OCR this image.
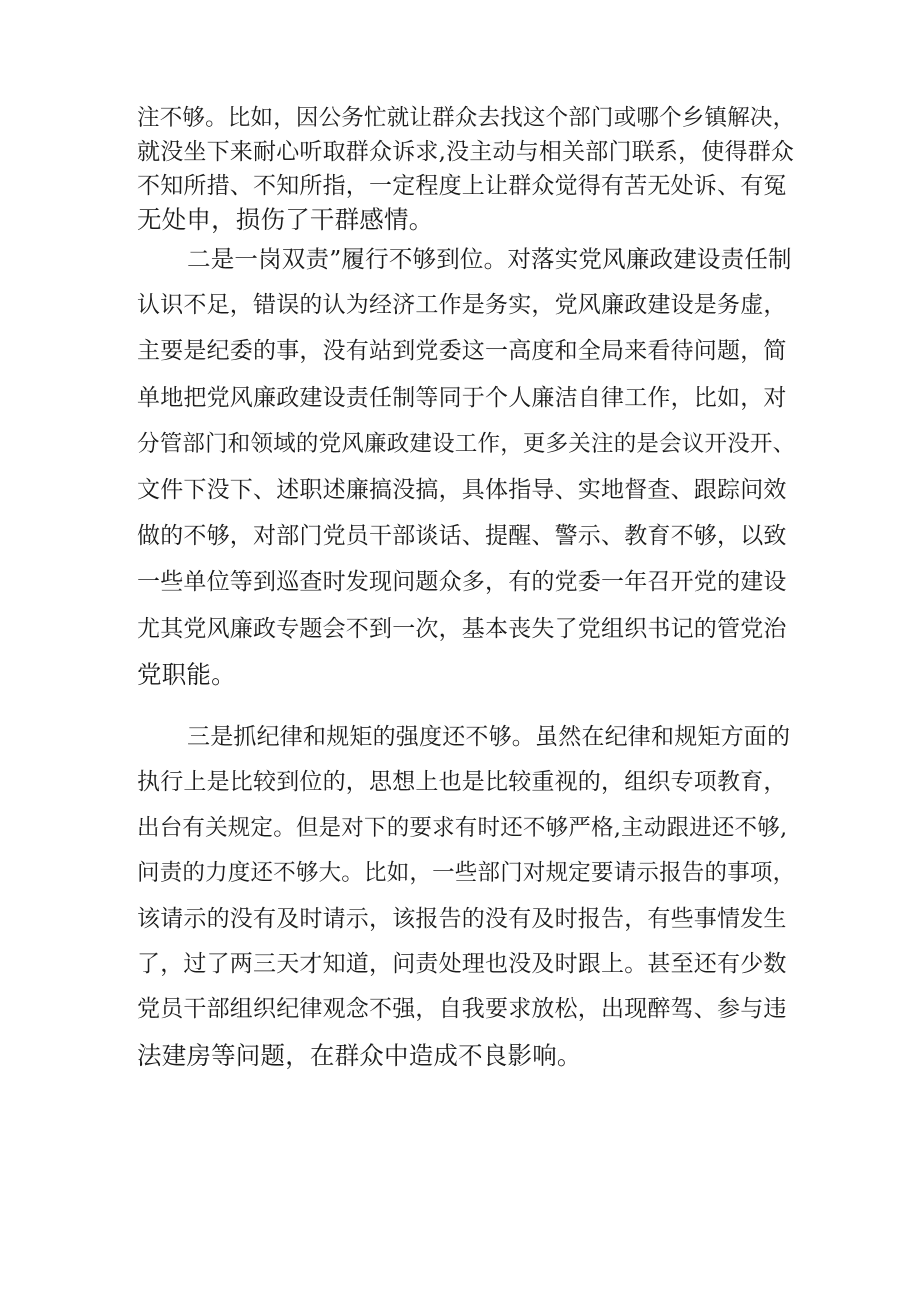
注不够。比如，因公务忙就让群众去找这个部门或哪个乡镇解决，
就没坐下来耐心听取群众诉求,没主动与相关部门联系，使得群众
不知所措、不知所指，一定程度上让群众觉得有苦无处诉、有冤
无处申，损伤了干群感情。
二是一岗双责”履行不够到位。对落实党风廉政建设责任制
认识不足，错误的认为经济工作是务实，党风廉政建设是务虚，
主要是纪委的事，没有站到党委这一高度和全局来看待问题，简
单地把党风廉政建设责任制等同于个人廉洁自律工作，比如，对
分管部门和领域的党风廉政建设工作，更多关注的是会议开没开、
文件下没下、述职述廉搞没搞，具体指导、实地督查、跟踪问效
做的不够，对部门党员干部谈话、提醒、警示、教育不够，以致
一些单位等到巡查时发现问题众多，有的党委一年召开党的建设
尤其党风廉政专题会不到一次，基本丧失了党组织书记的管党治
党职能。
三是抓纪律和规矩的强度还不够。虽然在纪律和规矩方面的
执行上是比较到位的，思想上也是比较重视的，组织专项教育，
出台有关规定。但是对下的要求有时还不够严格,主动跟进还不够,
问责的力度还不够大。比如，一些部门对规定要请示报告的事项，
该请示的没有及时请示，该报告的没有及时报告，有些事情发生
了，过了两三天才知道，问责处理也没及时跟上。甚至还有少数
党员干部组织纪律观念不强，自我要求放松，出现醉驾、参与违
法建房等问题，在群众中造成不良影响。
